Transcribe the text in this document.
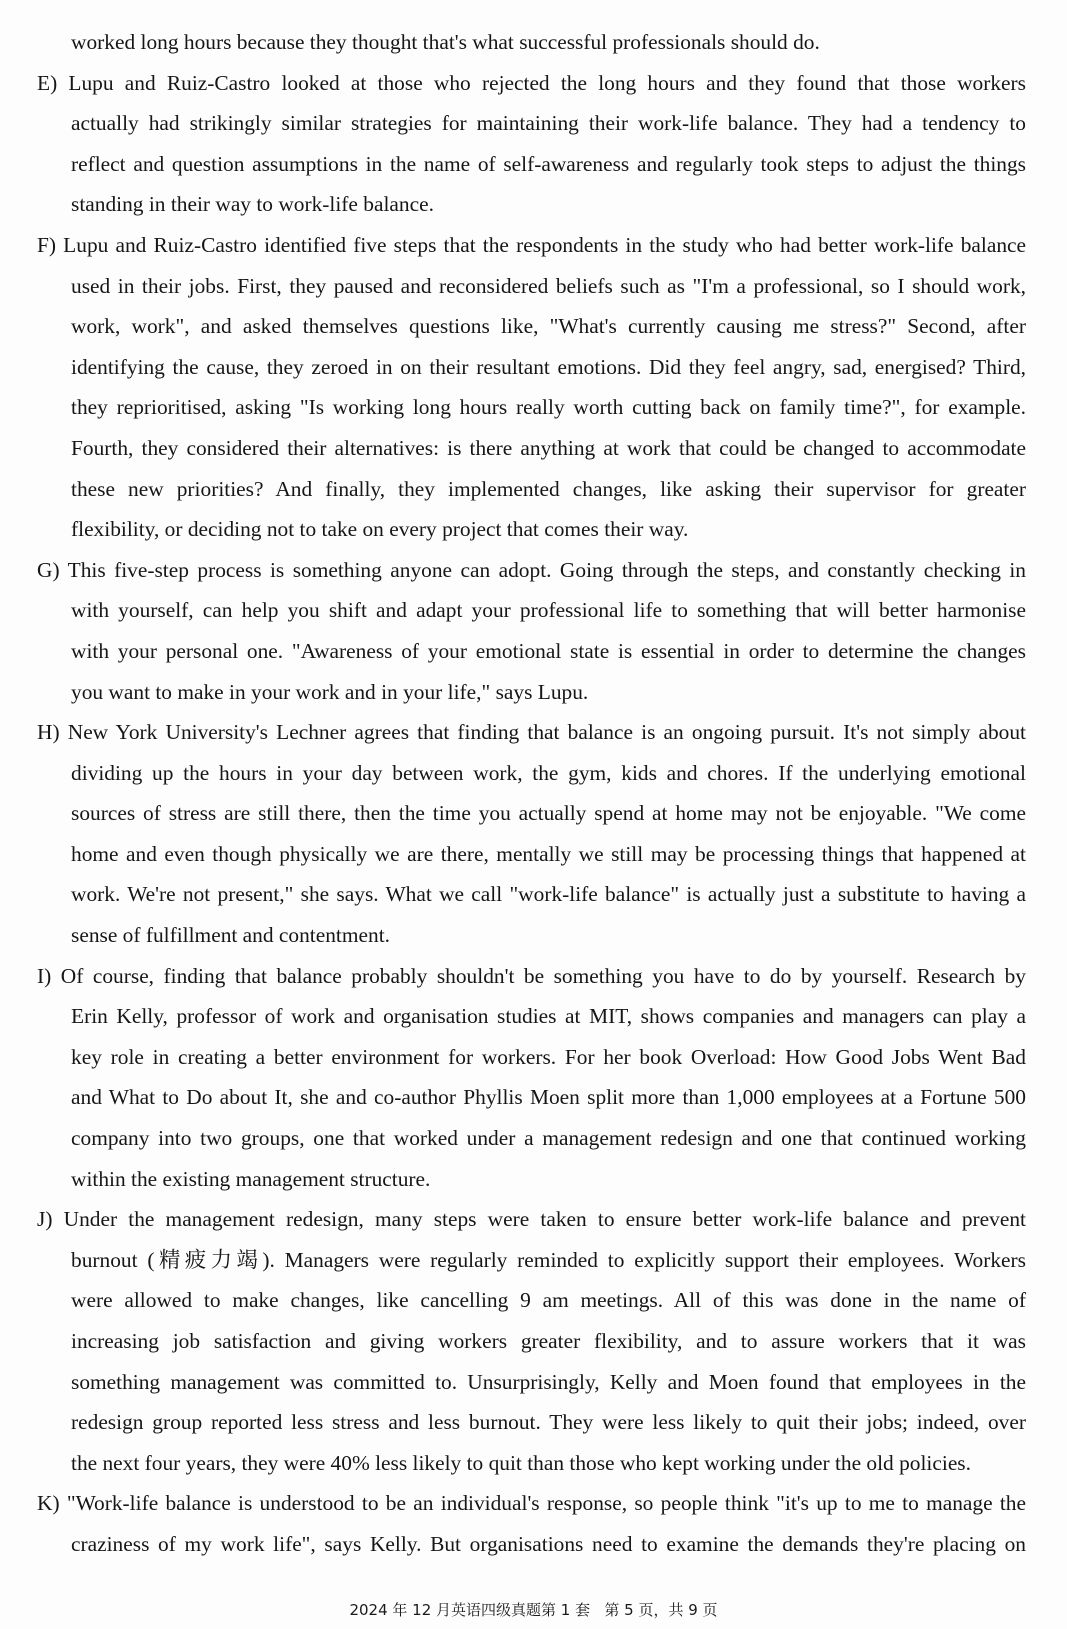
worked long hours because they thought that's what successful professionals should do.
E) Lupu and Ruiz-Castro looked at those who rejected the long hours and they found that those workers
actually had strikingly similar strategies for maintaining their work-life balance. They had a tendency to
reflect and question assumptions in the name of self-awareness and regularly took steps to adjust the things
standing in their way to work-life balance.
F) Lupu and Ruiz-Castro identified five steps that the respondents in the study who had better work-life balance
used in their jobs. First, they paused and reconsidered beliefs such as "I'm a professional, so I should work,
work, work", and asked themselves questions like, "What's currently causing me stress?" Second, after
identifying the cause, they zeroed in on their resultant emotions. Did they feel angry, sad, energised? Third,
they reprioritised, asking "Is working long hours really worth cutting back on family time?", for example.
Fourth, they considered their alternatives: is there anything at work that could be changed to accommodate
these new priorities? And finally, they implemented changes, like asking their supervisor for greater
flexibility, or deciding not to take on every project that comes their way.
G) This five-step process is something anyone can adopt. Going through the steps, and constantly checking in
with yourself, can help you shift and adapt your professional life to something that will better harmonise
with your personal one. "Awareness of your emotional state is essential in order to determine the changes
you want to make in your work and in your life," says Lupu.
H) New York University's Lechner agrees that finding that balance is an ongoing pursuit. It's not simply about
dividing up the hours in your day between work, the gym, kids and chores. If the underlying emotional
sources of stress are still there, then the time you actually spend at home may not be enjoyable. "We come
home and even though physically we are there, mentally we still may be processing things that happened at
work. We're not present," she says. What we call "work-life balance" is actually just a substitute to having a
sense of fulfillment and contentment.
I) Of course, finding that balance probably shouldn't be something you have to do by yourself. Research by
Erin Kelly, professor of work and organisation studies at MIT, shows companies and managers can play a
key role in creating a better environment for workers. For her book Overload: How Good Jobs Went Bad
and What to Do about It, she and co-author Phyllis Moen split more than 1,000 employees at a Fortune 500
company into two groups, one that worked under a management redesign and one that continued working
within the existing management structure.
J) Under the management redesign, many steps were taken to ensure better work-life balance and prevent
burnout (精疲力竭). Managers were regularly reminded to explicitly support their employees. Workers
were allowed to make changes, like cancelling 9 am meetings. All of this was done in the name of
increasing job satisfaction and giving workers greater flexibility, and to assure workers that it was
something management was committed to. Unsurprisingly, Kelly and Moen found that employees in the
redesign group reported less stress and less burnout. They were less likely to quit their jobs; indeed, over
the next four years, they were 40% less likely to quit than those who kept working under the old policies.
K) "Work-life balance is understood to be an individual's response, so people think "it's up to me to manage the
craziness of my work life", says Kelly. But organisations need to examine the demands they're placing on
2024 年 12 月英语四级真题第 1 套   第 5 页，共 9 页
